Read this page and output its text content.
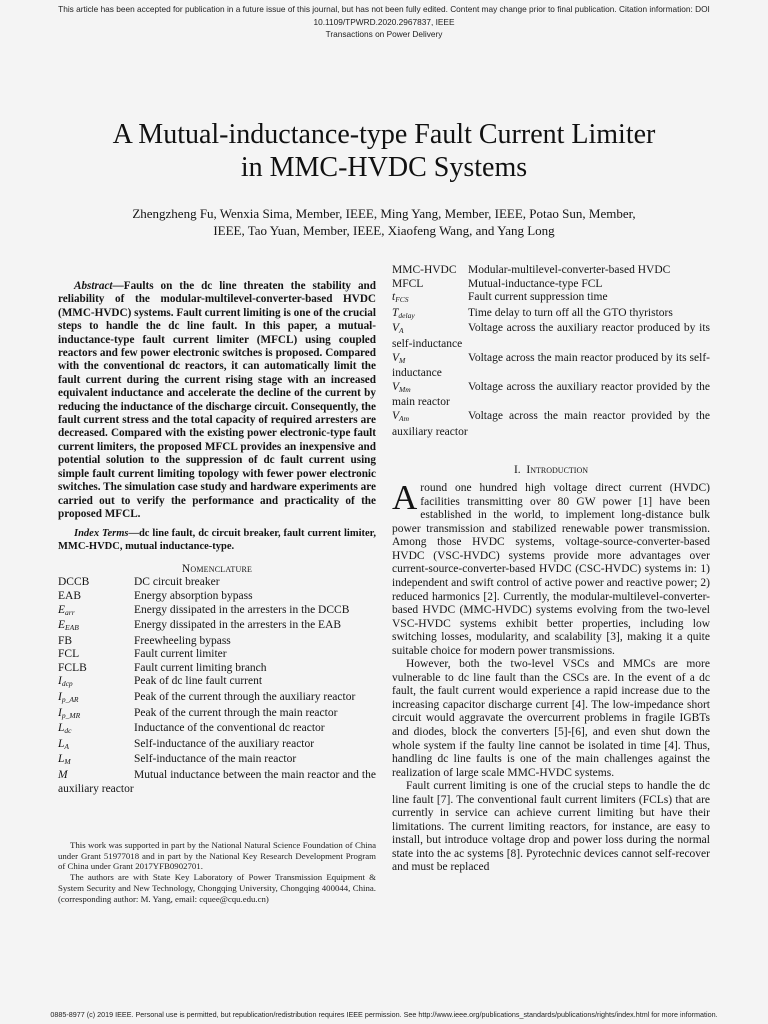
This article has been accepted for publication in a future issue of this journal, but has not been fully edited. Content may change prior to final publication. Citation information: DOI 10.1109/TPWRD.2020.2967837, IEEE
Transactions on Power Delivery
A Mutual-inductance-type Fault Current Limiter
in MMC-HVDC Systems
Zhengzheng Fu, Wenxia Sima, Member, IEEE, Ming Yang, Member, IEEE, Potao Sun, Member,
IEEE, Tao Yuan, Member, IEEE, Xiaofeng Wang, and Yang Long

Abstract—Faults on the dc line threaten the stability and reliability of the modular-multilevel-converter-based HVDC (MMC-HVDC) systems. Fault current limiting is one of the crucial steps to handle the dc line fault. In this paper, a mutual-inductance-type fault current limiter (MFCL) using coupled reactors and few power electronic switches is proposed. Compared with the conventional dc reactors, it can automatically limit the fault current during the current rising stage with an increased equivalent inductance and accelerate the decline of the current by reducing the inductance of the discharge circuit. Consequently, the fault current stress and the total capacity of required arresters are decreased. Compared with the existing power electronic-type fault current limiters, the proposed MFCL provides an inexpensive and potential solution to the suppression of dc fault current using simple fault current limiting topology with fewer power electronic switches. The simulation case study and hardware experiments are carried out to verify the performance and practicality of the proposed MFCL.

Index Terms—dc line fault, dc circuit breaker, fault current limiter, MMC-HVDC, mutual inductance-type.

Nomenclature
DCCB	DC circuit breaker
EAB	Energy absorption bypass
$E_{arr}$	Energy dissipated in the arresters in the DCCB
$E_{EAB}$	Energy dissipated in the arresters in the EAB
FB	Freewheeling bypass
FCL	Fault current limiter
FCLB	Fault current limiting branch
$I_{dcp}$	Peak of dc line fault current
$I_{p\_AR}$	Peak of the current through the auxiliary reactor
$I_{p\_MR}$	Peak of the current through the main reactor
$L_{dc}$	Inductance of the conventional dc reactor
$L_A$	Self-inductance of the auxiliary reactor
$L_M$	Self-inductance of the main reactor
M	Mutual inductance between the main reactor and the auxiliary reactor

This work was supported in part by the National Natural Science Foundation of China under Grant 51977018 and in part by the National Key Research Development Program of China under Grant 2017YFB0902701.

The authors are with State Key Laboratory of Power Transmission Equipment & System Security and New Technology, Chongqing University, Chongqing 400044, China. (corresponding author: M. Yang, email: cquee@cqu.edu.cn)

MMC-HVDC Modular-multilevel-converter-based HVDC
MFCL	Mutual-inductance-type FCL
$t_{FCS}$	Fault current suppression time
$T_{delay}$	Time delay to turn off all the GTO thyristors
$V_A$	Voltage across the auxiliary reactor produced by its self-inductance
$V_M$	Voltage across the main reactor produced by its self-inductance
$V_{Mm}$	Voltage across the auxiliary reactor provided by the main reactor
$V_{Am}$	Voltage across the main reactor provided by the auxiliary reactor
I. Introduction

Around one hundred high voltage direct current (HVDC) facilities transmitting over 80 GW power [1] have been established in the world, to implement long-distance bulk power transmission and stabilized renewable power transmission. Among those HVDC systems, voltage-source-converter-based HVDC (VSC-HVDC) systems provide more advantages over current-source-converter-based HVDC (CSC-HVDC) systems in: 1) independent and swift control of active power and reactive power; 2) reduced harmonics [2]. Currently, the modular-multilevel-converter-based HVDC (MMC-HVDC) systems evolving from the two-level VSC-HVDC systems exhibit better properties, including low switching losses, modularity, and scalability [3], making it a quite suitable choice for modern power transmissions.

However, both the two-level VSCs and MMCs are more vulnerable to dc line fault than the CSCs are. In the event of a dc fault, the fault current would experience a rapid increase due to the increasing capacitor discharge current [4]. The low-impedance short circuit would aggravate the overcurrent problems in fragile IGBTs and diodes, block the converters [5]-[6], and even shut down the whole system if the faulty line cannot be isolated in time [4]. Thus, handling dc line faults is one of the main challenges against the realization of large scale MMC-HVDC systems.

Fault current limiting is one of the crucial steps to handle the dc line fault [7]. The conventional fault current limiters (FCLs) that are currently in service can achieve current limiting but have their limitations. The current limiting reactors, for instance, are easy to install, but introduce voltage drop and power loss during the normal state into the ac systems [8]. Pyrotechnic devices cannot self-recover and must be replaced

0885-8977 (c) 2019 IEEE. Personal use is permitted, but republication/redistribution requires IEEE permission. See http://www.ieee.org/publications_standards/publications/rights/index.html for more information.
